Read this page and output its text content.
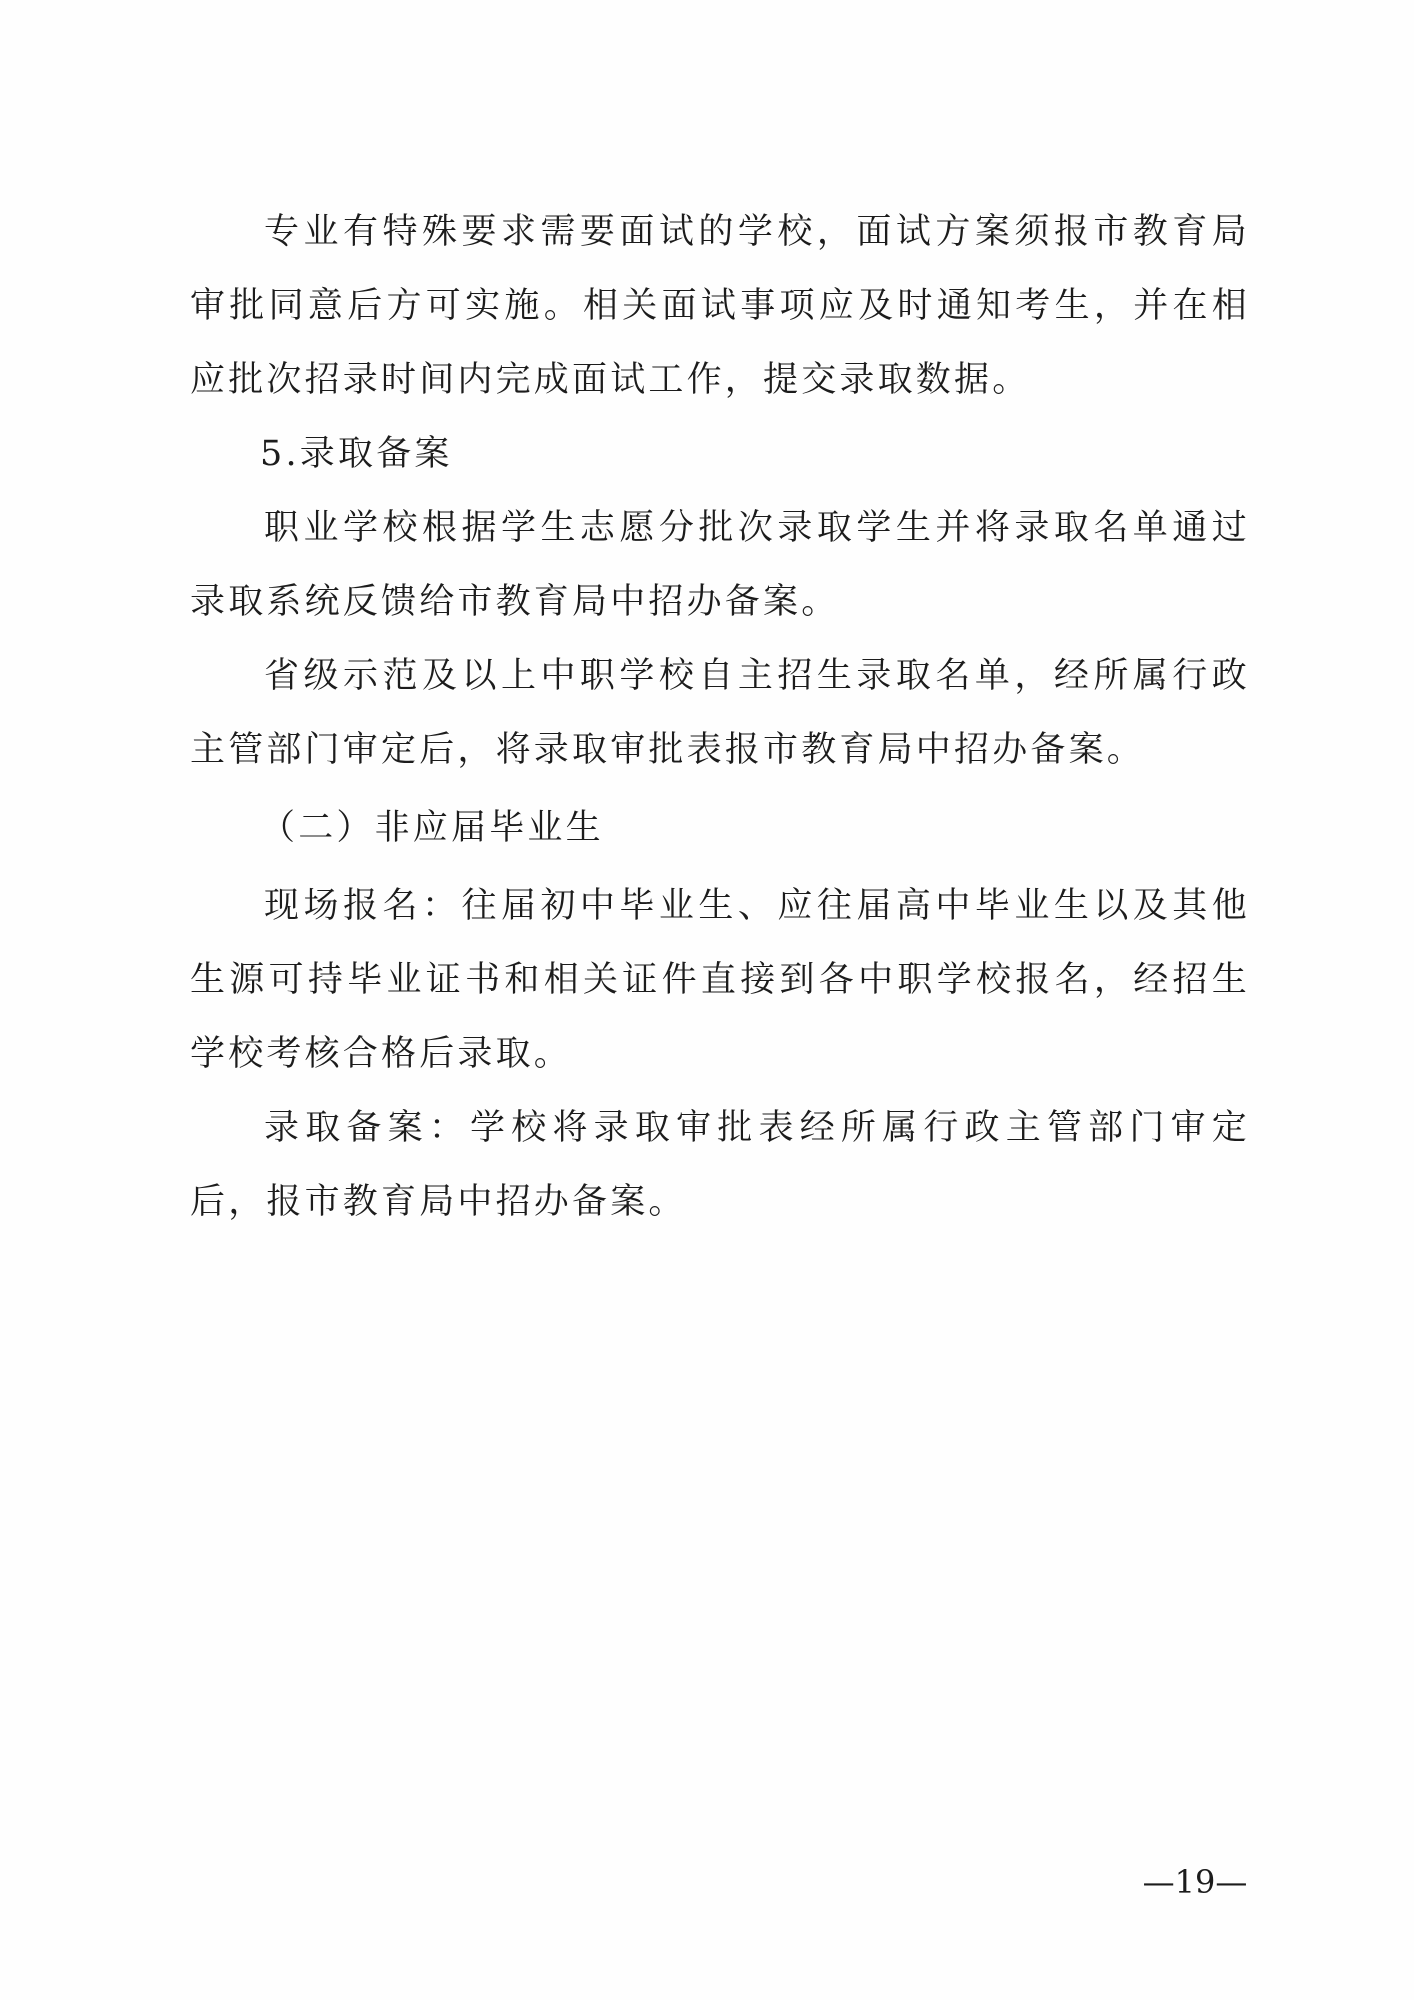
专业有特殊要求需要面试的学校，面试方案须报市教育局审批同意后方可实施。相关面试事项应及时通知考生，并在相应批次招录时间内完成面试工作，提交录取数据。

5.录取备案

职业学校根据学生志愿分批次录取学生并将录取名单通过录取系统反馈给市教育局中招办备案。

省级示范及以上中职学校自主招生录取名单，经所属行政主管部门审定后，将录取审批表报市教育局中招办备案。

（二）非应届毕业生

现场报名：往届初中毕业生、应往届高中毕业生以及其他生源可持毕业证书和相关证件直接到各中职学校报名，经招生学校考核合格后录取。

录取备案：学校将录取审批表经所属行政主管部门审定后，报市教育局中招办备案。

—19—
